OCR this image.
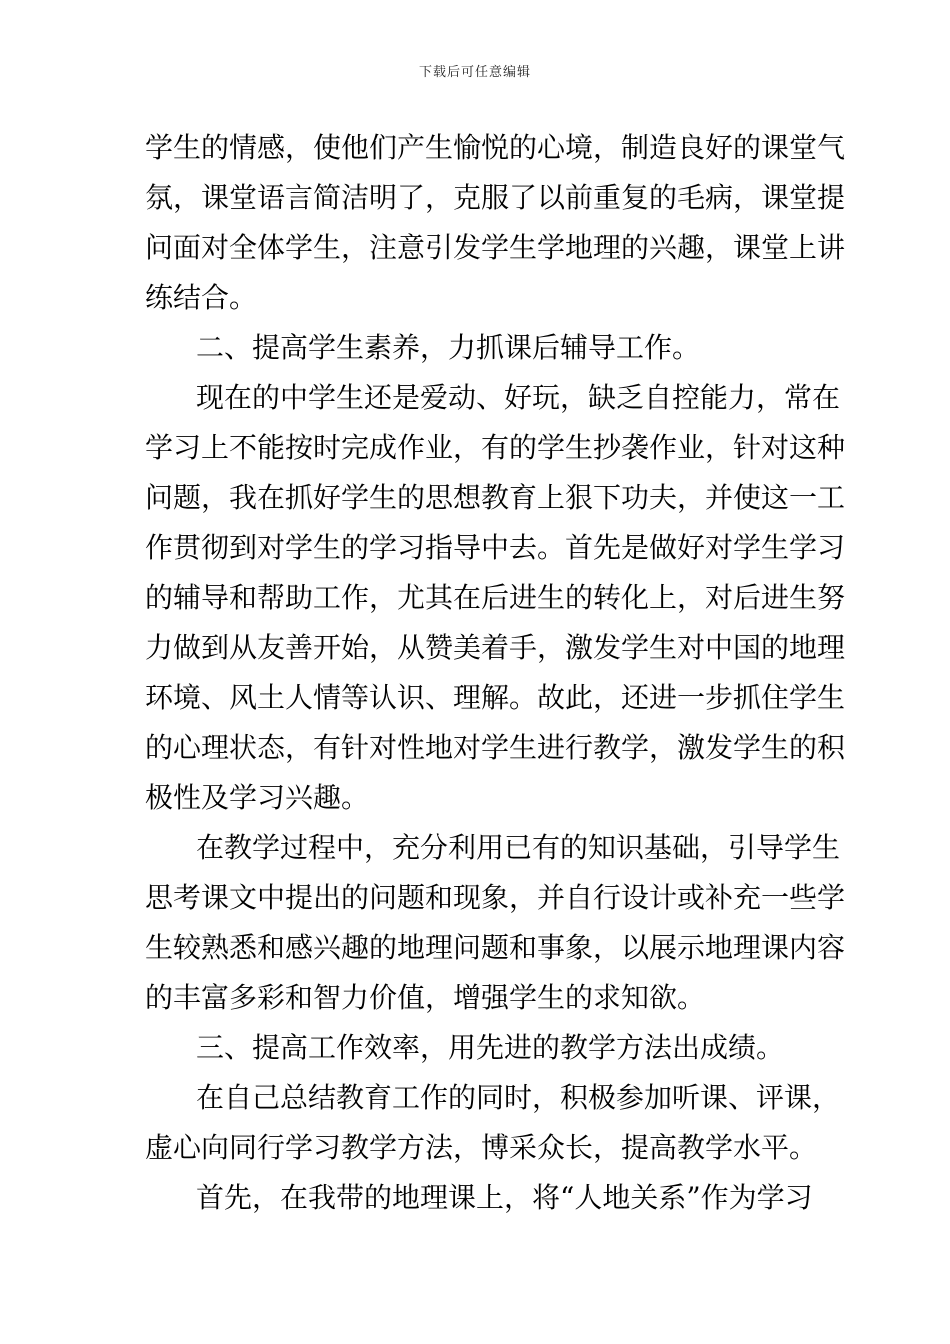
下载后可任意编辑
学生的情感，使他们产生愉悦的心境，制造良好的课堂气
氛，课堂语言简洁明了，克服了以前重复的毛病，课堂提
问面对全体学生，注意引发学生学地理的兴趣，课堂上讲
练结合。
二、提高学生素养，力抓课后辅导工作。
现在的中学生还是爱动、好玩，缺乏自控能力，常在
学习上不能按时完成作业，有的学生抄袭作业，针对这种
问题，我在抓好学生的思想教育上狠下功夫，并使这一工
作贯彻到对学生的学习指导中去。首先是做好对学生学习
的辅导和帮助工作，尤其在后进生的转化上，对后进生努
力做到从友善开始，从赞美着手，激发学生对中国的地理
环境、风土人情等认识、理解。故此，还进一步抓住学生
的心理状态，有针对性地对学生进行教学，激发学生的积
极性及学习兴趣。
在教学过程中，充分利用已有的知识基础，引导学生
思考课文中提出的问题和现象，并自行设计或补充一些学
生较熟悉和感兴趣的地理问题和事象，以展示地理课内容
的丰富多彩和智力价值，增强学生的求知欲。
三、提高工作效率，用先进的教学方法出成绩。
在自己总结教育工作的同时，积极参加听课、评课，
虚心向同行学习教学方法，博采众长，提高教学水平。
首先，在我带的地理课上，将“人地关系”作为学习
